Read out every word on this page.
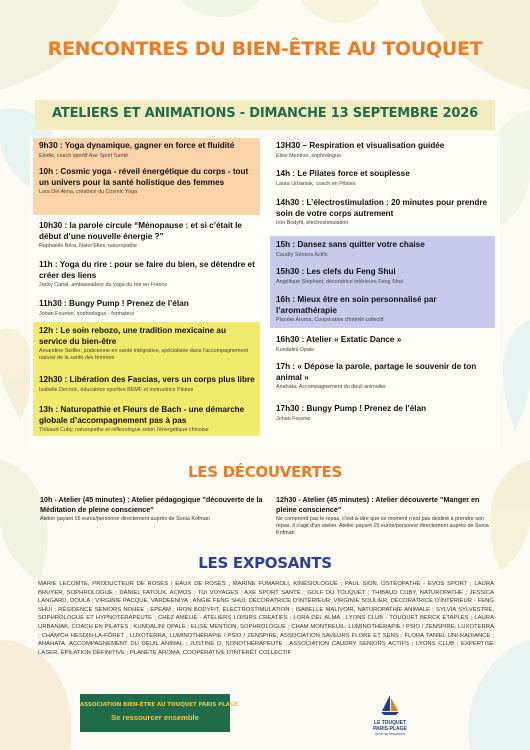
RENCONTRES DU BIEN-ÊTRE AU TOUQUET
ATELIERS ET ANIMATIONS - DIMANCHE 13 SEPTEMBRE 2026
9h30 : Yoga dynamique, gagner en force et fluidité
Elodie, coach sportif Axe Sport Santé
10h : Cosmic yoga - réveil énergétique du corps - tout un univers pour la santé holistique des femmes
Lora Del Alma, créatrice du Cosmic Yoga
10h30 : la parole circule “Ménopause : et si c’était le début d’une nouvelle énergie ?”
Raphaelle Béra, Natur'Elles, naturopathe
11h : Yoga du rire : pour se faire du bien, se détendre et créer des liens
Jacky Canal, ambassadeur du yoga du rire en France
11h30 : Bungy Pump ! Prenez de l’élan
Johan Fourrier, sophrologue - formateur
12h : Le soin rebozo, une tradition mexicaine au service du bien-être
Amandine Seillier, praticienne en santé intégrative, spécialisée dans l'accompagnement naturel de la santé des femmes
12h30 : Libération des Fascias, vers un corps plus libre
Isabelle Decroix, éducatrice sportive BEMF et instructrice Pilates
13h : Naturopathie et Fleurs de Bach - une démarche globale d’accompagnement pas à pas
Thibaud Cuby, naturopathe et réflexologue selon l'énergétique chinoise
13H30 – Respiration et visualisation guidée
Elise Mention, sophrologue
14h : Le Pilates force et souplesse
Laura Urbaniak, coach en Pilates
14h30 : L’électrostimulation : 20 minutes pour prendre soin de votre corps autrement
Iron Bodyfit, électrostimulation
15h : Dansez sans quitter votre chaise
Caudry Séniors Actifs
15h30 : Les clefs du Feng Shui
Angélique Stephant, décoratrice intérieure Feng Shui
16h : Mieux être en soin personnalisé par l’aromathérapie
Planète Aroma, Coopérative d'intérêt collectif
16h30 : Atelier « Extatic Dance »
Kundalini Opale
17h : « Dépose la parole, partage le souvenir de ton animal »
Anahata, Accompagnement du deuil animalier
17h30 : Bungy Pump ! Prenez de l’élan
Johan Fourrier
LES DÉCOUVERTES
10h - Atelier (45 minutes) : Atelier pédagogique "découverte de la Méditation de pleine conscience"
Atelier payant 15 euros/personne directement auprès de Sonia Kofman
12h30 - Atelier (45 minutes) : Atelier découverte "Manger en pleine conscience"
Ne comprend pas le repas, c'est-à-dire que ce moment n'est pas destiné à prendre son repas, il s'agit d'un atelier. Atelier payant 15 euros/personne directement auprès de Sonia Kofman
LES EXPOSANTS
MARIE LECOMTE, PRODUCTEUR DE ROSES / EAUX DE ROSES ; MARINE FUMAROLI, KINÉSIOLOGUE ; PAUL SION, OSTÉOPATHE - EVOS SPORT ; LAURA BRUYER, SOPHROLOGUE ; DANIEL FATOUX, ACMOS : TUI VOYAGES ; AXE SPORT SANTÉ ; GOLF DU TOUQUET ; THIBAUD CUBY, NATUROPATHE ; JESSICA LANGARD, DOULA ; VIRGINIE PACQUE, VARDEENIYA ; ANGIE FENG SHUI, DÉCORATRICE D'INTÉRIEUR; VIRGINIE SOULIER, DÉCORATRICE D'INTÉRIEUR - FENG SHUI ; RÉSIDENCE SENIORS NOHEE ; EPEAM ; IRON BODYFIT, ÉLECTROSTIMULATION ; ISABELLE MALIVOIR, NATUROPATHIE ANIMALE ; SYLVIA SYLVESTRE, SOPHROLOGUE ET HYPNOTÉRAPEUTE ; CHEZ AMÉLIE - ATELIERS LOISIRS CRÉATIFS ; LORA DEL ALMA ; LYONS CLUB - TOUQUET BERCK ETAPLES ; LAURA URBANIAK, COACH EN PILATES ; KUNDALINI OPALE ; ELISE MENTION, SOPHROLOGUE ; CHAM MONTREUIL; LUMINOTHÉRAPIE / PSIO / ZENSPIRE, LUXOTERRA ; CHAM'CH HESDIN-LA-FÔRET ; LUXOTERRA, LUMINOTHÉRAPIE / PSIO / ZENSPIRE, ASSOCIATION SAVEURS FLORE ET SENS ; FLORA TANIEL UNI-RADIANCE ; ANAHATA, ACCOMPAGNEMENT DU DEUIL ANIMAL ; JUSTINE D, SONOTHÉRAPEUTE ; ASSOCIATION CAUDRY SENIORS ACTIFS ; LYONS CLUB ; EXPERTISE LASER, ÉPILATION DÉFINITIVE ; PLANÈTE AROMA, COOPÉRATIVE D'INTÉRÊT COLLECTIF
ASSOCIATION BIEN-ÊTRE AU TOUQUET PARIS PLAGE
Se ressourcer ensemble
LE TOUQUET
PARIS-PLAGE
ici on se ressource
